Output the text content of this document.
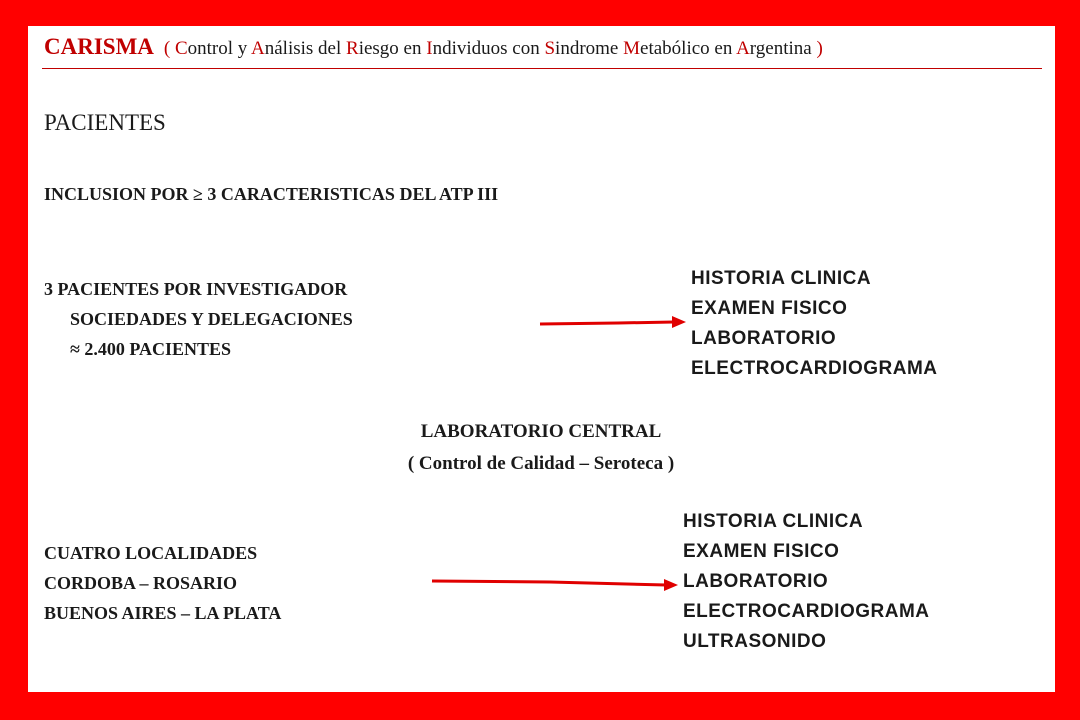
CARISMA ( Control y Análisis del Riesgo en Individuos con Sindrome Metabólico en Argentina )
PACIENTES
INCLUSION POR ≥ 3 CARACTERISTICAS DEL ATP III
3 PACIENTES POR INVESTIGADOR
SOCIEDADES Y DELEGACIONES
≈ 2.400 PACIENTES
HISTORIA CLINICA
EXAMEN FISICO
LABORATORIO
ELECTROCARDIOGRAMA
LABORATORIO CENTRAL
( Control de Calidad – Seroteca )
CUATRO LOCALIDADES
CORDOBA – ROSARIO
BUENOS AIRES – LA PLATA
HISTORIA CLINICA
EXAMEN FISICO
LABORATORIO
ELECTROCARDIOGRAMA
ULTRASONIDO
